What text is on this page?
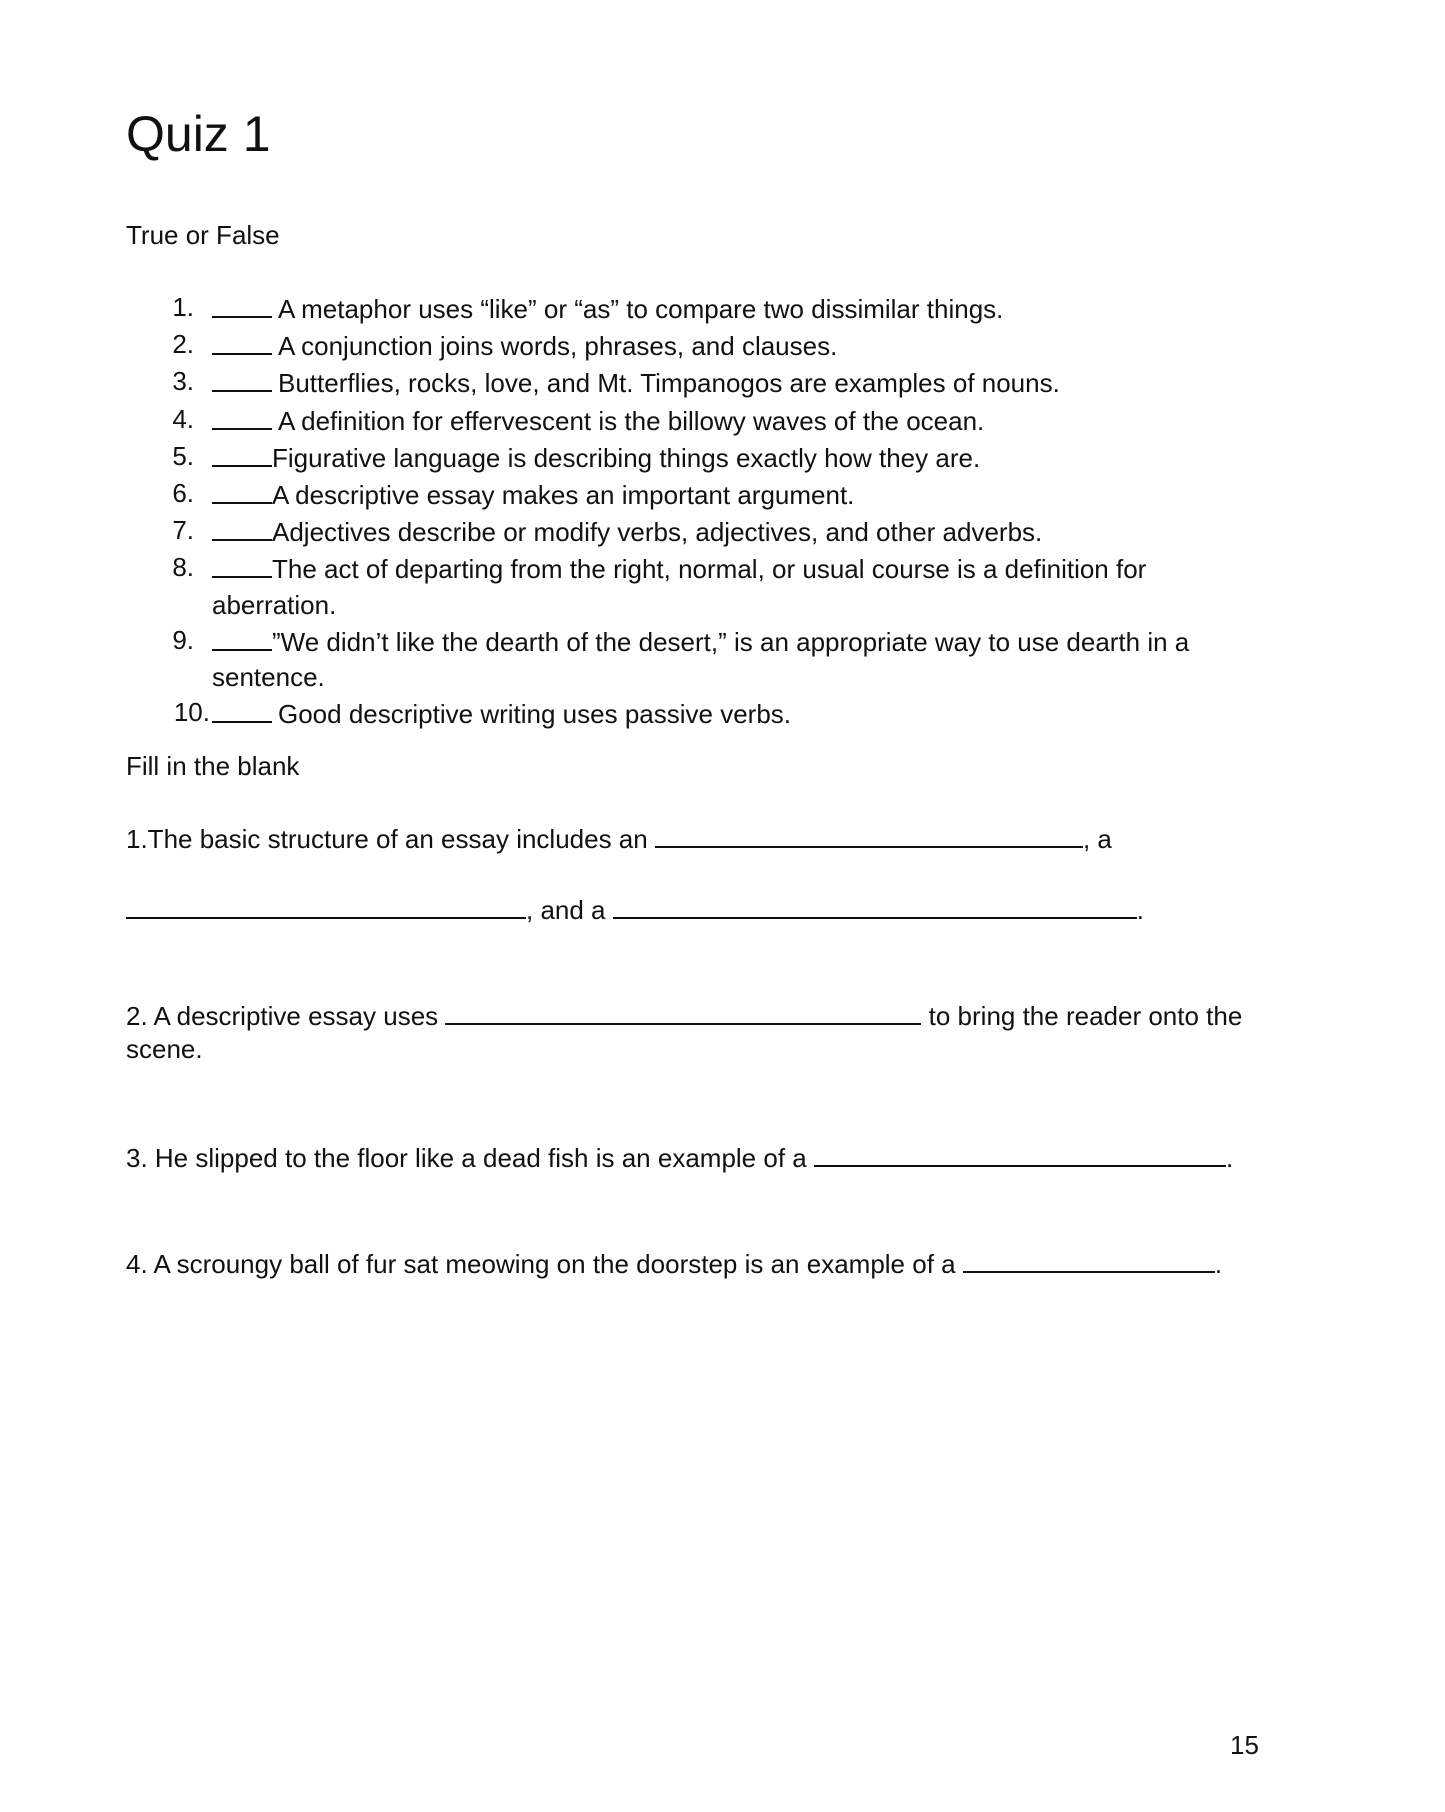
Quiz 1

True or False

1.	A metaphor uses “like” or “as” to compare two dissimilar things.
2.	A conjunction joins words, phrases, and clauses.
3.	Butterflies, rocks, love, and Mt. Timpanogos are examples of nouns.
4.	A definition for effervescent is the billowy waves of the ocean.
5.	Figurative language is describing things exactly how they are.
6.	A descriptive essay makes an important argument.
7.	Adjectives describe or modify verbs, adjectives, and other adverbs.
8.	The act of departing from the right, normal, or usual course is a definition for aberration.
9.	”We didn’t like the dearth of the desert,” is an appropriate way to use dearth in a sentence.
10.	Good descriptive writing uses passive verbs.

Fill in the blank

1.The basic structure of an essay includes an	, a

, and a	.

2. A descriptive essay uses	to bring the reader onto the

scene.

3. He slipped to the floor like a dead fish is an example of a	.

4. A scroungy ball of fur sat meowing on the doorstep is an example of a	.

15
